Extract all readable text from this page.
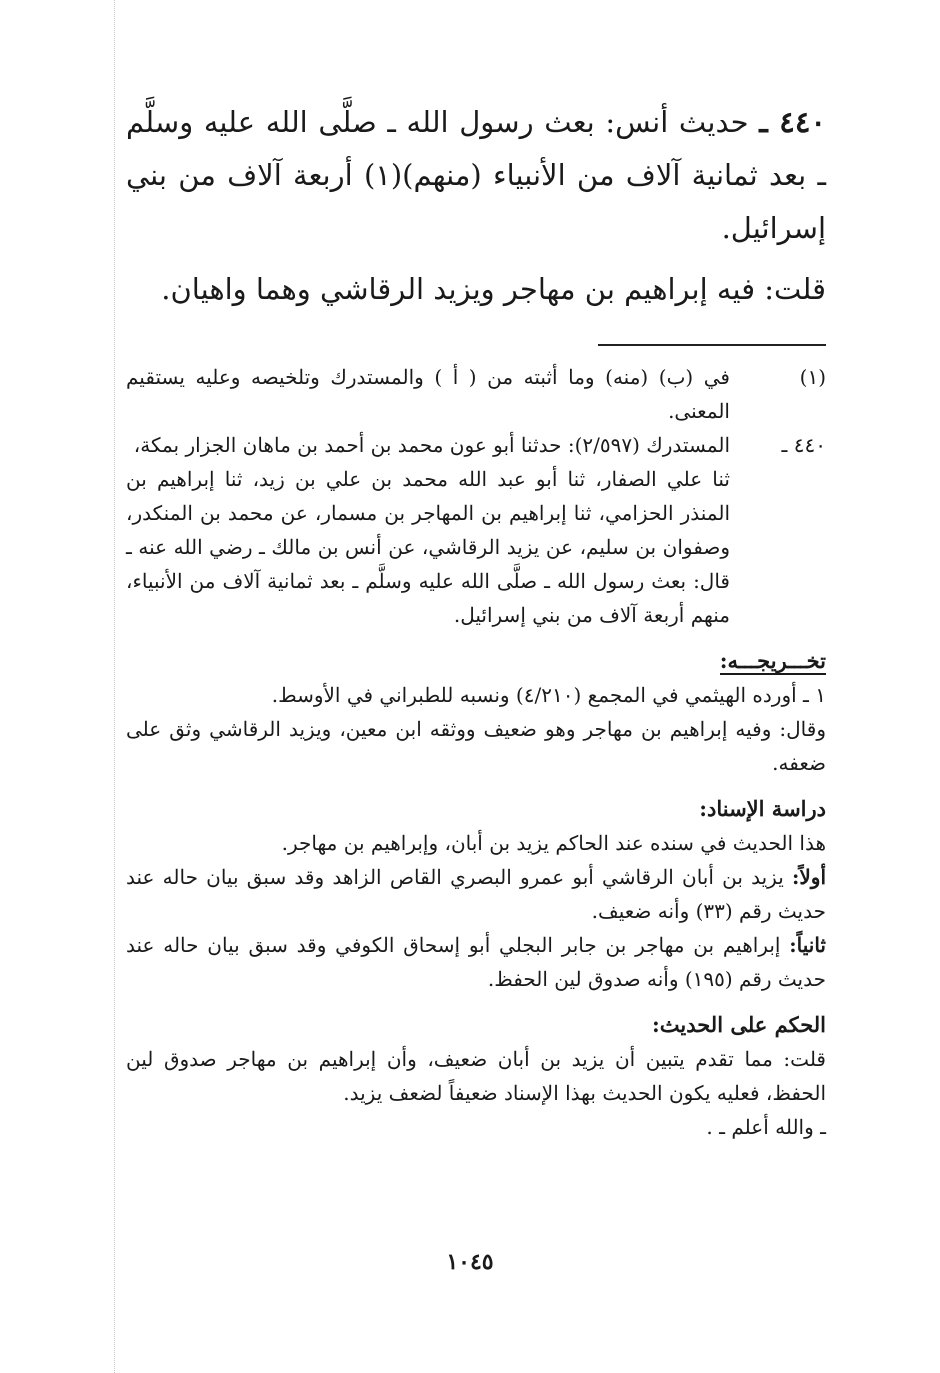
٤٤٠ ـ حديث أنس: بعث رسول الله ـ صلَّى الله عليه وسلَّم ـ بعد ثمانية آلاف من الأنبياء (منهم)(١) أربعة آلاف من بني إسرائيل.

قلت: فيه إبراهيم بن مهاجر ويزيد الرقاشي وهما واهيان.

(١)
في (ب) (منه) وما أثبته من ( أ ) والمستدرك وتلخيصه وعليه يستقيم المعنى.
٤٤٠ ـ
المستدرك (٢/٥٩٧): حدثنا أبو عون محمد بن أحمد بن ماهان الجزار بمكة،

ثنا علي الصفار، ثنا أبو عبد الله محمد بن علي بن زيد، ثنا إبراهيم بن المنذر الحزامي، ثنا إبراهيم بن المهاجر بن مسمار، عن محمد بن المنكدر، وصفوان بن سليم، عن يزيد الرقاشي، عن أنس بن مالك ـ رضي الله عنه ـ قال: بعث رسول الله ـ صلَّى الله عليه وسلَّم ـ بعد ثمانية آلاف من الأنبياء، منهم أربعة آلاف من بني إسرائيل.

تخـــريجـــه:

١ ـ أورده الهيثمي في المجمع (٤/٢١٠) ونسبه للطبراني في الأوسط.

وقال: وفيه إبراهيم بن مهاجر وهو ضعيف ووثقه ابن معين، ويزيد الرقاشي وثق على ضعفه.

دراسة الإسناد:

هذا الحديث في سنده عند الحاكم يزيد بن أبان، وإبراهيم بن مهاجر.

أولاً: يزيد بن أبان الرقاشي أبو عمرو البصري القاص الزاهد وقد سبق بيان حاله عند حديث رقم (٣٣) وأنه ضعيف.

ثانياً: إبراهيم بن مهاجر بن جابر البجلي أبو إسحاق الكوفي وقد سبق بيان حاله عند حديث رقم (١٩٥) وأنه صدوق لين الحفظ.

الحكم على الحديث:

قلت: مما تقدم يتبين أن يزيد بن أبان ضعيف، وأن إبراهيم بن مهاجر صدوق لين الحفظ، فعليه يكون الحديث بهذا الإسناد ضعيفاً لضعف يزيد.

ـ والله أعلم ـ .

١٠٤٥
